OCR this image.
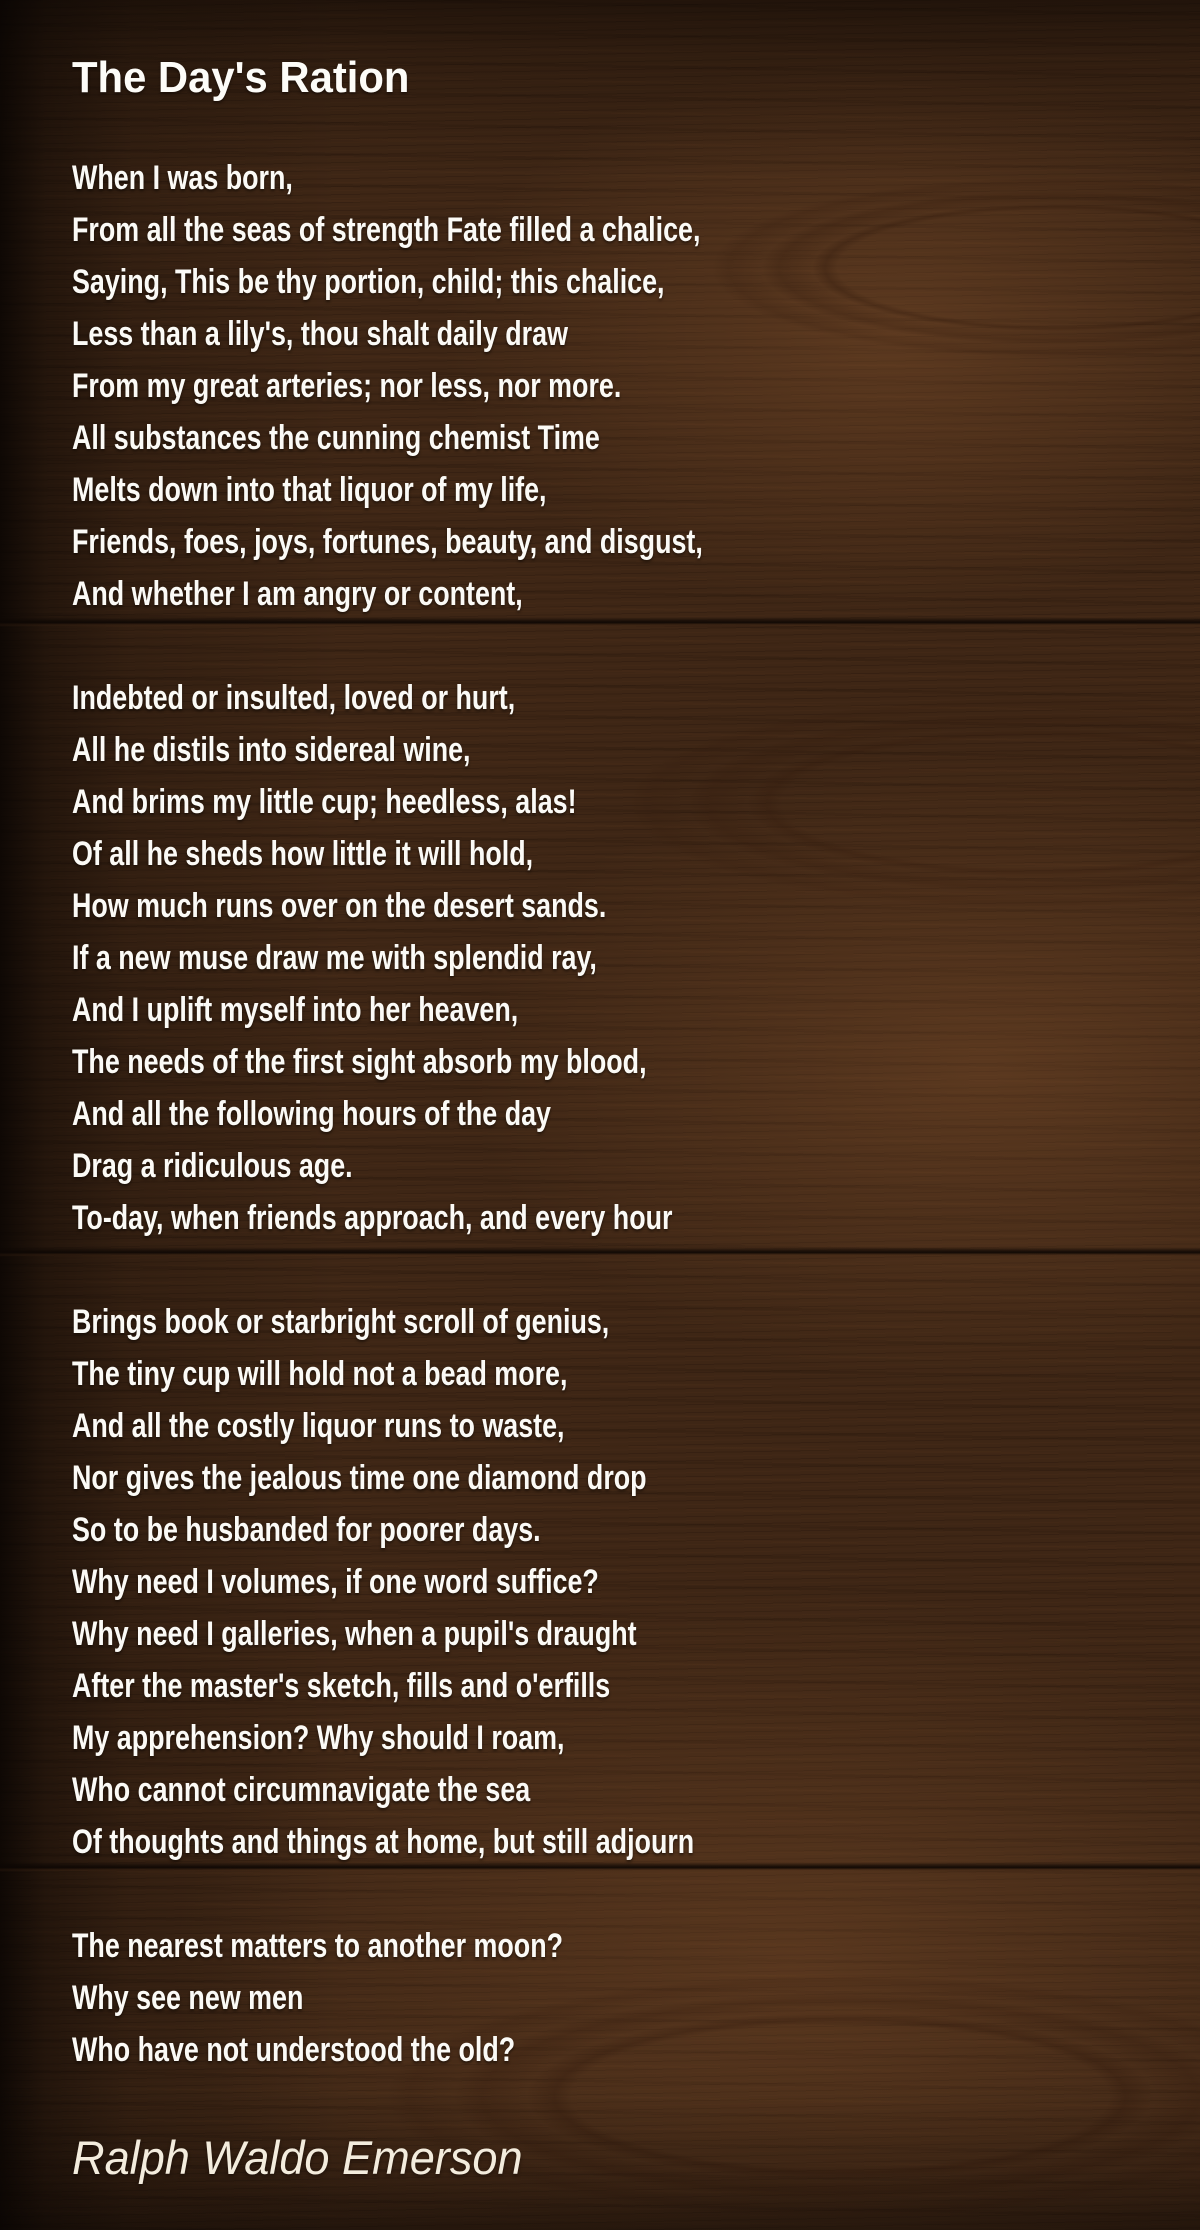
The Day's Ration
When I was born,
From all the seas of strength Fate filled a chalice,
Saying, This be thy portion, child; this chalice,
Less than a lily's, thou shalt daily draw
From my great arteries; nor less, nor more.
All substances the cunning chemist Time
Melts down into that liquor of my life,
Friends, foes, joys, fortunes, beauty, and disgust,
And whether I am angry or content,
Indebted or insulted, loved or hurt,
All he distils into sidereal wine,
And brims my little cup; heedless, alas!
Of all he sheds how little it will hold,
How much runs over on the desert sands.
If a new muse draw me with splendid ray,
And I uplift myself into her heaven,
The needs of the first sight absorb my blood,
And all the following hours of the day
Drag a ridiculous age.
To-day, when friends approach, and every hour
Brings book or starbright scroll of genius,
The tiny cup will hold not a bead more,
And all the costly liquor runs to waste,
Nor gives the jealous time one diamond drop
So to be husbanded for poorer days.
Why need I volumes, if one word suffice?
Why need I galleries, when a pupil's draught
After the master's sketch, fills and o'erfills
My apprehension? Why should I roam,
Who cannot circumnavigate the sea
Of thoughts and things at home, but still adjourn
The nearest matters to another moon?
Why see new men
Who have not understood the old?

Ralph Waldo Emerson
